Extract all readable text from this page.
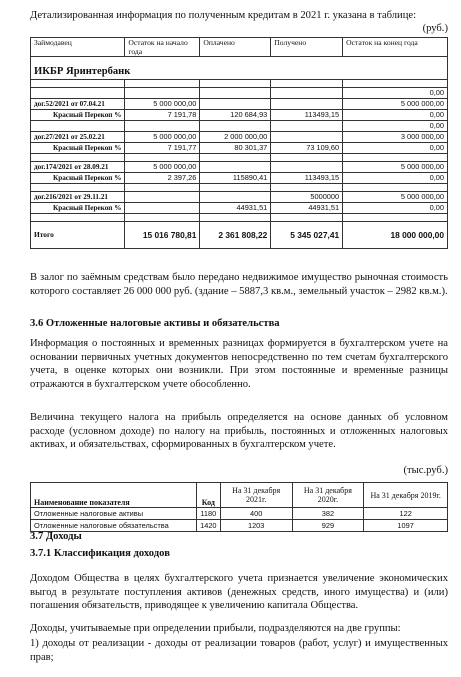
Детализированная информация по полученным кредитам в 2021 г. указана в таблице:

(руб.)

Займодавец	Остаток на начало года	Оплачено	Получено	Остаток на конец года

ИКБР Яринтербанк				

				0,00
дог.52/2021 от 07.04.21	5 000 000,00			5 000 000,00
Красный Перекоп %	7 191,78	120 684,93	113493,15	0,00
				0,00
дог.27/2021 от 25.02.21	5 000 000,00	2 000 000,00		3 000 000,00
Красный Перекоп %	7 191,77	80 301,37	73 109,60	0,00

дог.174/2021 от 28.09.21	5 000 000,00			5 000 000,00
Красный Перекоп %	2 397,26	115890,41	113493,15	0,00

дог.216/2021 от 29.11.21			5000000	5 000 000,00
Красный Перекоп %		44931,51	44931,51	0,00

Итого	15 016 780,81	2 361 808,22	5 345 027,41	18 000 000,00

В залог по заёмным средствам было передано недвижимое имущество рыночная стоимость которого составляет 26 000 000 руб. (здание – 5887,3 кв.м., земельный участок – 2982 кв.м.).

3.6 Отложенные налоговые активы и обязательства

Информация о постоянных и временных разницах формируется в бухгалтерском учете на основании первичных учетных документов непосредственно по тем счетам бухгалтерского учета, в оценке которых они возникли. При этом постоянные и временные разницы отражаются в бухгалтерском учете обособленно.

Величина текущего налога на прибыль определяется на основе данных об условном расходе (условном доходе) по налогу на прибыль, постоянных и отложенных налоговых активах, и обязательствах, сформированных в бухгалтерском учете.

(тыс.руб.)

Наименование показателя	Код	На 31 декабря 2021г.	На 31 декабря 2020г.	На 31 декабря 2019г.
Отложенные налоговые активы	1180	400	382	122
Отложенные налоговые обязательства	1420	1203	929	1097

3.7 Доходы

3.7.1 Классификация доходов

Доходом Общества в целях бухгалтерского учета признается увеличение экономических выгод в результате поступления активов (денежных средств, иного имущества) и (или) погашения обязательств, приводящее к увеличению капитала Общества.

Доходы, учитываемые при определении прибыли, подразделяются на две группы:

1) доходы от реализации - доходы от реализации товаров (работ, услуг) и имущественных прав;
